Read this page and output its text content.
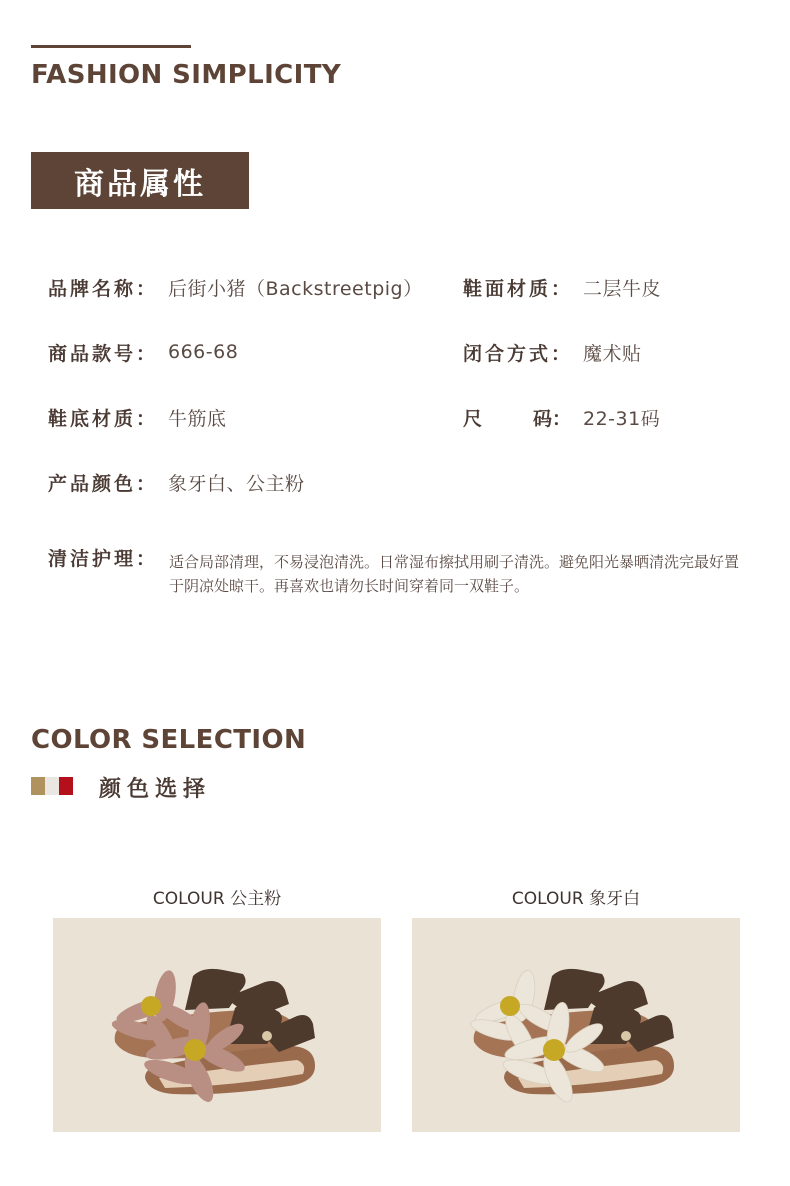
FASHION SIMPLICITY
商品属性
品牌名称： 后街小猪（Backstreetpig） 鞋面材质： 二层牛皮
商品款号： 666-68	闭合方式： 魔术贴
鞋底材质： 牛筋底	尺	码： 22-31码
产品颜色： 象牙白、公主粉
清洁护理： 适合局部清理，不易浸泡清洗。日常湿布擦拭用刷子清洗。避免阳光暴晒清洗完最好置于阴凉处晾干。再喜欢也请勿长时间穿着同一双鞋子。
COLOR SELECTION
颜色选择
COLOUR 公主粉	COLOUR 象牙白
